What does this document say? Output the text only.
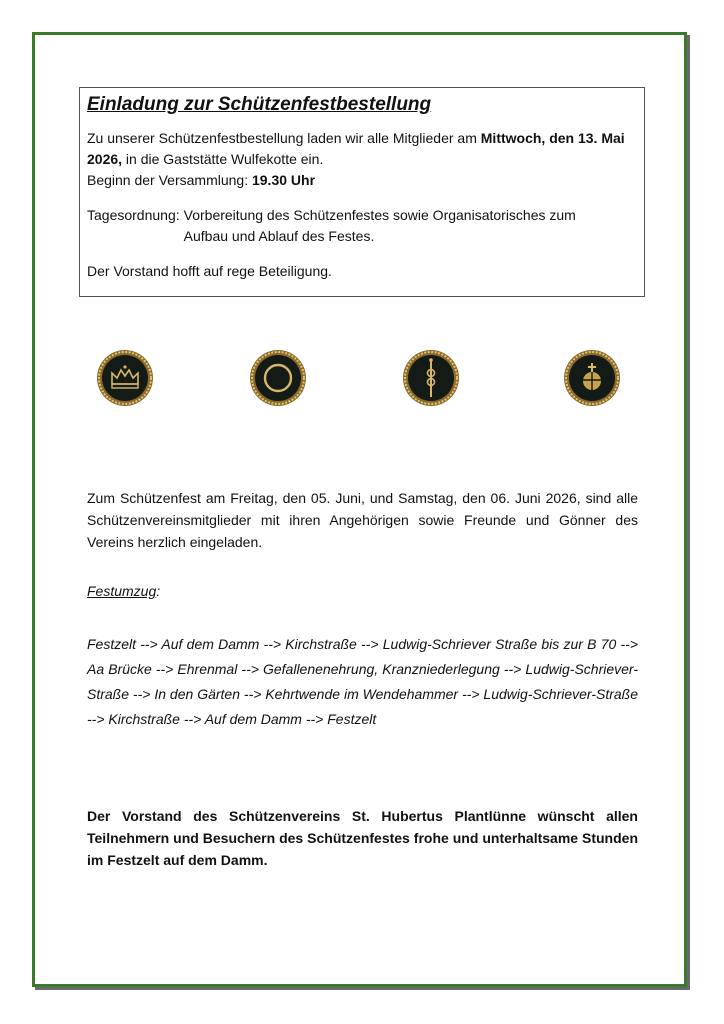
Einladung zur Schützenfestbestellung

Zu unserer Schützenfestbestellung laden wir alle Mitglieder am Mittwoch, den 13. Mai 2026, in die Gaststätte Wulfekotte ein.
Beginn der Versammlung: 19.30 Uhr

Tagesordnung: Vorbereitung des Schützenfestes sowie Organisatorisches zum
Aufbau und Ablauf des Festes.

Der Vorstand hofft auf rege Beteiligung.

Zum Schützenfest am Freitag, den 05. Juni, und Samstag, den 06. Juni 2026, sind alle Schützenvereinsmitglieder mit ihren Angehörigen sowie Freunde und Gönner des Vereins herzlich eingeladen.

Festumzug:

Festzelt --> Auf dem Damm --> Kirchstraße --> Ludwig-Schriever Straße bis zur B 70 --> Aa Brücke --> Ehrenmal --> Gefallenenehrung, Kranzniederlegung --> Ludwig-Schriever-Straße --> In den Gärten --> Kehrtwende im Wendehammer --> Ludwig-Schriever-Straße --> Kirchstraße --> Auf dem Damm --> Festzelt

Der Vorstand des Schützenvereins St. Hubertus Plantlünne wünscht allen Teilnehmern und Besuchern des Schützenfestes frohe und unterhaltsame Stunden im Festzelt auf dem Damm.
